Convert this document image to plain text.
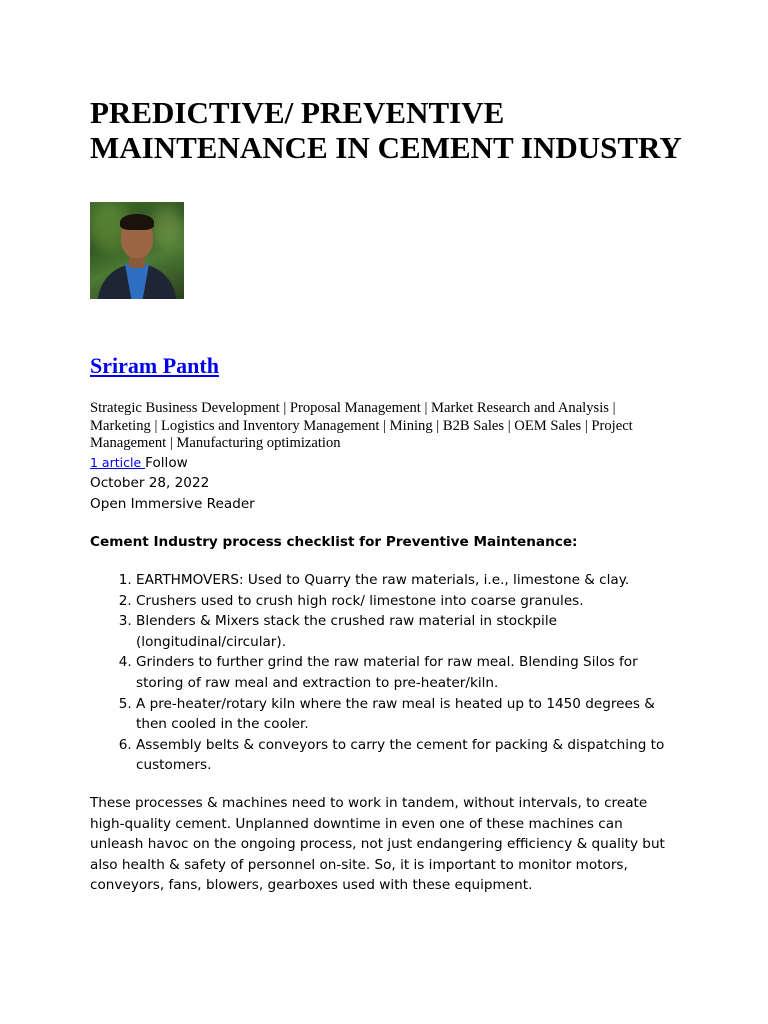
PREDICTIVE/ PREVENTIVE MAINTENANCE IN CEMENT INDUSTRY
Sriram Panth
Strategic Business Development | Proposal Management | Market Research and Analysis | Marketing | Logistics and Inventory Management | Mining | B2B Sales | OEM Sales | Project Management | Manufacturing optimization
1 article Follow
October 28, 2022
Open Immersive Reader
Cement Industry process checklist for Preventive Maintenance:
1. EARTHMOVERS: Used to Quarry the raw materials, i.e., limestone & clay.
2. Crushers used to crush high rock/ limestone into coarse granules.
3. Blenders & Mixers stack the crushed raw material in stockpile (longitudinal/circular).
4. Grinders to further grind the raw material for raw meal. Blending Silos for storing of raw meal and extraction to pre-heater/kiln.
5. A pre-heater/rotary kiln where the raw meal is heated up to 1450 degrees & then cooled in the cooler.
6. Assembly belts & conveyors to carry the cement for packing & dispatching to customers.

These processes & machines need to work in tandem, without intervals, to create high-quality cement. Unplanned downtime in even one of these machines can unleash havoc on the ongoing process, not just endangering efficiency & quality but also health & safety of personnel on-site. So, it is important to monitor motors, conveyors, fans, blowers, gearboxes used with these equipment.
